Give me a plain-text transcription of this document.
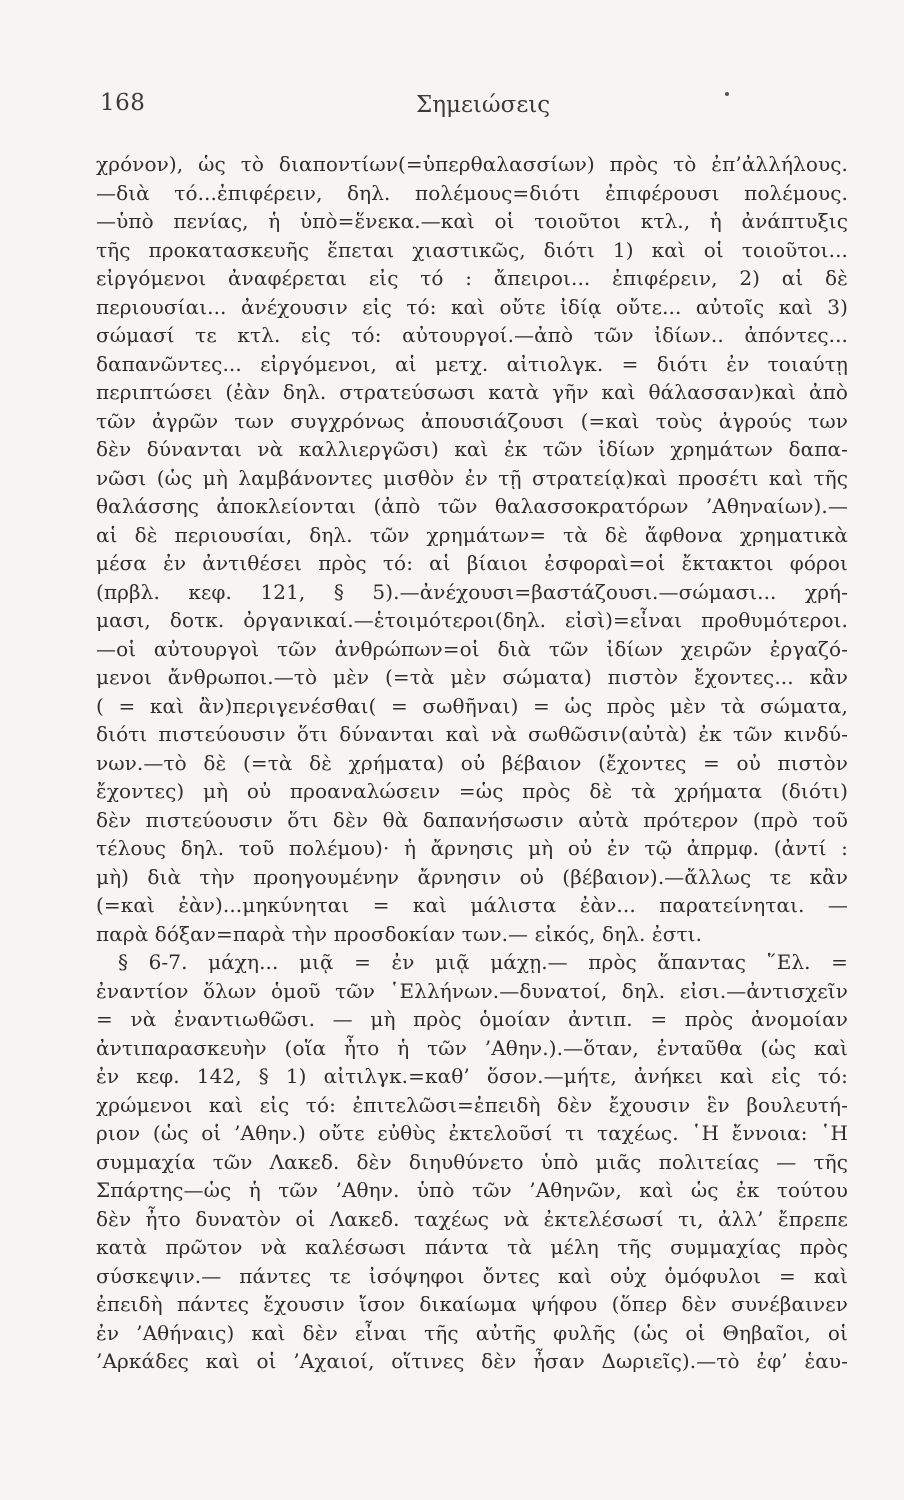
168	Σημειώσεις
χρόνον), ὡς τὸ διαποντίων(=ὑπερθαλασσίων) πρὸς τὸ ἐπ’ἀλλήλους.
—διὰ τό...ἐπιφέρειν, δηλ. πολέμους=διότι ἐπιφέρουσι πολέμους.
—ὑπὸ πενίας, ἡ ὑπὸ=ἕνεκα.—καὶ οἱ τοιοῦτοι κτλ., ἡ ἀνάπτυξις
τῆς προκατασκευῆς ἕπεται χιαστικῶς, διότι 1) καὶ οἱ τοιοῦτοι...
εἰργόμενοι ἀναφέρεται εἰς τό : ἄπειροι... ἐπιφέρειν, 2) αἱ δὲ
περιουσίαι... ἀνέχουσιν εἰς τό: καὶ οὔτε ἰδίᾳ οὔτε... αὐτοῖς καὶ 3)
σώμασί τε κτλ. εἰς τό: αὐτουργοί.—ἀπὸ τῶν ἰδίων.. ἀπόντες...
δαπανῶντες... εἰργόμενοι, αἱ μετχ. αἰτιολγκ. = διότι ἐν τοιαύτῃ
περιπτώσει (ἐὰν δηλ. στρατεύσωσι κατὰ γῆν καὶ θάλασσαν)καὶ ἀπὸ
τῶν ἀγρῶν των συγχρόνως ἀπουσιάζουσι (=καὶ τοὺς ἀγρούς των
δὲν δύνανται νὰ καλλιεργῶσι) καὶ ἐκ τῶν ἰδίων χρημάτων δαπα-
νῶσι (ὡς μὴ λαμβάνοντες μισθὸν ἐν τῇ στρατείᾳ)καὶ προσέτι καὶ τῆς
θαλάσσης ἀποκλείονται (ἀπὸ τῶν θαλασσοκρατόρων ’Αθηναίων).—
αἱ δὲ περιουσίαι, δηλ. τῶν χρημάτων= τὰ δὲ ἄφθονα χρηματικὰ
μέσα ἐν ἀντιθέσει πρὸς τό: αἱ βίαιοι ἐσφοραὶ=οἱ ἔκτακτοι φόροι
(πρβλ. κεφ. 121, § 5).—ἀνέχουσι=βαστάζουσι.—σώμασι... χρή-
μασι, δοτκ. ὀργανικαί.—ἑτοιμότεροι(δηλ. εἰσὶ)=εἶναι προθυμότεροι.
—οἱ αὐτουργοὶ τῶν ἀνθρώπων=οἱ διὰ τῶν ἰδίων χειρῶν ἐργαζό-
μενοι ἄνθρωποι.—τὸ μὲν (=τὰ μὲν σώματα) πιστὸν ἔχοντες... κἂν
( = καὶ ἂν)περιγενέσθαι( = σωθῆναι) = ὡς πρὸς μὲν τὰ σώματα,
διότι πιστεύουσιν ὅτι δύνανται καὶ νὰ σωθῶσιν(αὐτὰ) ἐκ τῶν κινδύ-
νων.—τὸ δὲ (=τὰ δὲ χρήματα) οὐ βέβαιον (ἔχοντες = οὐ πιστὸν
ἔχοντες) μὴ οὐ προαναλώσειν =ὡς πρὸς δὲ τὰ χρήματα (διότι)
δὲν πιστεύουσιν ὅτι δὲν θὰ δαπανήσωσιν αὐτὰ πρότερον (πρὸ τοῦ
τέλους δηλ. τοῦ πολέμου)· ἡ ἄρνησις μὴ οὐ ἐν τῷ ἀπρμφ. (ἀντί :
μὴ) διὰ τὴν προηγουμένην ἄρνησιν οὐ (βέβαιον).—ἄλλως τε κἂν
(=καὶ ἐὰν)...μηκύνηται = καὶ μάλιστα ἐὰν... παρατείνηται. —
παρὰ δόξαν=παρὰ τὴν προσδοκίαν των.— εἰκός, δηλ. ἐστι.
§ 6-7. μάχη... μιᾷ = ἐν μιᾷ μάχῃ.— πρὸς ἅπαντας ῞Ελ. =
ἐναντίον ὅλων ὁμοῦ τῶν ῾Ελλήνων.—δυνατοί, δηλ. εἰσι.—ἀντισχεῖν
= νὰ ἐναντιωθῶσι. — μὴ πρὸς ὁμοίαν ἀντιπ. = πρὸς ἀνομοίαν
ἀντιπαρασκευὴν (οἵα ἦτο ἡ τῶν ’Αθην.).—ὅταν, ἐνταῦθα (ὡς καὶ
ἐν κεφ. 142, § 1) αἰτιλγκ.=καθ’ ὅσον.—μήτε, ἀνήκει καὶ εἰς τό:
χρώμενοι καὶ εἰς τό: ἐπιτελῶσι=ἐπειδὴ δὲν ἔχουσιν ἓν βουλευτή-
ριον (ὡς οἱ ’Αθην.) οὔτε εὐθὺς ἐκτελοῦσί τι ταχέως. ῾Η ἔννοια: ῾Η
συμμαχία τῶν Λακεδ. δὲν διηυθύνετο ὑπὸ μιᾶς πολιτείας — τῆς
Σπάρτης—ὡς ἡ τῶν ’Αθην. ὑπὸ τῶν ’Αθηνῶν, καὶ ὡς ἐκ τούτου
δὲν ἦτο δυνατὸν οἱ Λακεδ. ταχέως νὰ ἐκτελέσωσί τι, ἀλλ’ ἔπρεπε
κατὰ πρῶτον νὰ καλέσωσι πάντα τὰ μέλη τῆς συμμαχίας πρὸς
σύσκεψιν.— πάντες τε ἰσόψηφοι ὄντες καὶ οὐχ ὁμόφυλοι = καὶ
ἐπειδὴ πάντες ἔχουσιν ἴσον δικαίωμα ψήφου (ὅπερ δὲν συνέβαινεν
ἐν ’Αθήναις) καὶ δὲν εἶναι τῆς αὐτῆς φυλῆς (ὡς οἱ Θηβαῖοι, οἱ
’Αρκάδες καὶ οἱ ’Αχαιοί, οἵτινες δὲν ἦσαν Δωριεῖς).—τὸ ἐφ’ ἑαυ-
